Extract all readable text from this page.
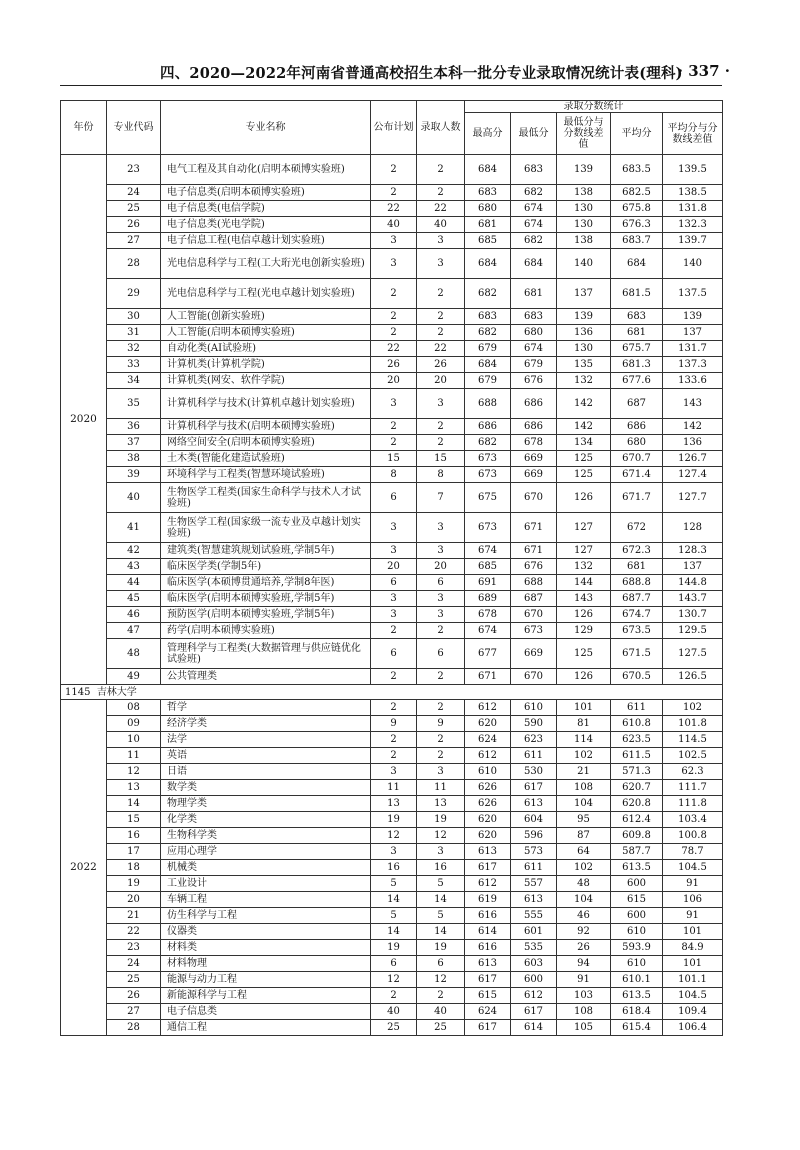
四、2020—2022年河南省普通高校招生本科一批分专业录取情况统计表(理科)
· 337 ·
年份	专业代码	专业名称	公布计划	录取人数	录取分数统计				
					最高分	最低分	最低分与分数线差值	平均分	平均分与分数线差值
2020	23	电气工程及其自动化(启明本硕博实验班)	2	2	684	683	139	683.5	139.5
	24	电子信息类(启明本硕博实验班)	2	2	683	682	138	682.5	138.5
	25	电子信息类(电信学院)	22	22	680	674	130	675.8	131.8
	26	电子信息类(光电学院)	40	40	681	674	130	676.3	132.3
	27	电子信息工程(电信卓越计划实验班)	3	3	685	682	138	683.7	139.7
	28	光电信息科学与工程(工大珩光电创新实验班)	3	3	684	684	140	684	140
	29	光电信息科学与工程(光电卓越计划实验班)	2	2	682	681	137	681.5	137.5
	30	人工智能(创新实验班)	2	2	683	683	139	683	139
	31	人工智能(启明本硕博实验班)	2	2	682	680	136	681	137
	32	自动化类(AI试验班)	22	22	679	674	130	675.7	131.7
	33	计算机类(计算机学院)	26	26	684	679	135	681.3	137.3
	34	计算机类(网安、软件学院)	20	20	679	676	132	677.6	133.6
	35	计算机科学与技术(计算机卓越计划实验班)	3	3	688	686	142	687	143
	36	计算机科学与技术(启明本硕博实验班)	2	2	686	686	142	686	142
	37	网络空间安全(启明本硕博实验班)	2	2	682	678	134	680	136
	38	土木类(智能化建造试验班)	15	15	673	669	125	670.7	126.7
	39	环境科学与工程类(智慧环境试验班)	8	8	673	669	125	671.4	127.4
	40	生物医学工程类(国家生命科学与技术人才试验班)	6	7	675	670	126	671.7	127.7
	41	生物医学工程(国家级一流专业及卓越计划实验班)	3	3	673	671	127	672	128
	42	建筑类(智慧建筑规划试验班,学制5年)	3	3	674	671	127	672.3	128.3
	43	临床医学类(学制5年)	20	20	685	676	132	681	137
	44	临床医学(本硕博贯通培养,学制8年医)	6	6	691	688	144	688.8	144.8
	45	临床医学(启明本硕博实验班,学制5年)	3	3	689	687	143	687.7	143.7
	46	预防医学(启明本硕博实验班,学制5年)	3	3	678	670	126	674.7	130.7
	47	药学(启明本硕博实验班)	2	2	674	673	129	673.5	129.5
	48	管理科学与工程类(大数据管理与供应链优化试验班)	6	6	677	669	125	671.5	127.5
	49	公共管理类	2	2	671	670	126	670.5	126.5
1145 吉林大学									
2022	08	哲学	2	2	612	610	101	611	102
	09	经济学类	9	9	620	590	81	610.8	101.8
	10	法学	2	2	624	623	114	623.5	114.5
	11	英语	2	2	612	611	102	611.5	102.5
	12	日语	3	3	610	530	21	571.3	62.3
	13	数学类	11	11	626	617	108	620.7	111.7
	14	物理学类	13	13	626	613	104	620.8	111.8
	15	化学类	19	19	620	604	95	612.4	103.4
	16	生物科学类	12	12	620	596	87	609.8	100.8
	17	应用心理学	3	3	613	573	64	587.7	78.7
	18	机械类	16	16	617	611	102	613.5	104.5
	19	工业设计	5	5	612	557	48	600	91
	20	车辆工程	14	14	619	613	104	615	106
	21	仿生科学与工程	5	5	616	555	46	600	91
	22	仪器类	14	14	614	601	92	610	101
	23	材料类	19	19	616	535	26	593.9	84.9
	24	材料物理	6	6	613	603	94	610	101
	25	能源与动力工程	12	12	617	600	91	610.1	101.1
	26	新能源科学与工程	2	2	615	612	103	613.5	104.5
	27	电子信息类	40	40	624	617	108	618.4	109.4
	28	通信工程	25	25	617	614	105	615.4	106.4
